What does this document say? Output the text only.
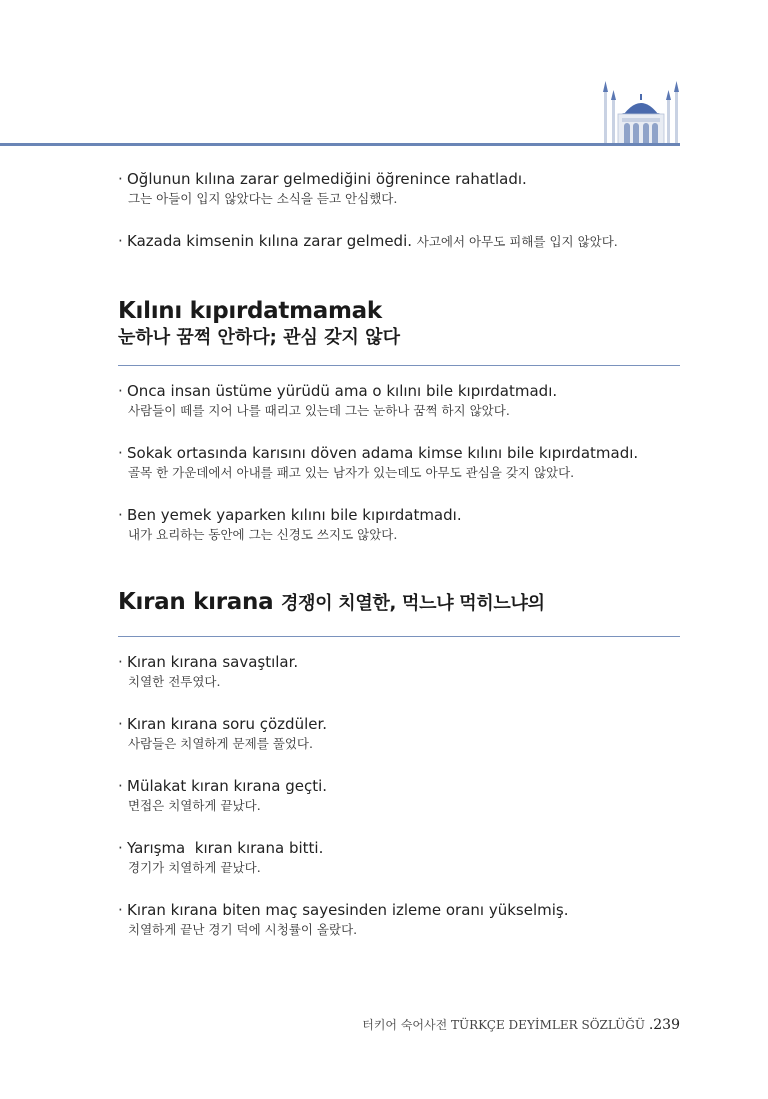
· Oğlunun kılına zarar gelmediğini öğrenince rahatladı.
그는 아들이 입지 않았다는 소식을 듣고 안심했다.
· Kazada kimsenin kılına zarar gelmedi. 사고에서 아무도 피해를 입지 않았다.
Kılını kıpırdatmamak
눈하나 꿈쩍 안하다; 관심 갖지 않다
· Onca insan üstüme yürüdü ama o kılını bile kıpırdatmadı.
사람들이 떼를 지어 나를 때리고 있는데 그는 눈하나 꿈쩍 하지 않았다.
· Sokak ortasında karısını döven adama kimse kılını bile kıpırdatmadı.
골목 한 가운데에서 아내를 패고 있는 남자가 있는데도 아무도 관심을 갖지 않았다.
· Ben yemek yaparken kılını bile kıpırdatmadı.
내가 요리하는 동안에 그는 신경도 쓰지도 않았다.
Kıran kırana 경쟁이 치열한, 먹느냐 먹히느냐의
· Kıran kırana savaştılar.
치열한 전투였다.
· Kıran kırana soru çözdüler.
사람들은 치열하게 문제를 풀었다.
· Mülakat kıran kırana geçti.
면접은 치열하게 끝났다.
· Yarışma  kıran kırana bitti.
경기가 치열하게 끝났다.
· Kıran kırana biten maç sayesinden izleme oranı yükselmiş.
치열하게 끝난 경기 덕에 시청률이 올랐다.
터키어 숙어사전 TÜRKÇE DEYİMLER SÖZLÜĞÜ .239
